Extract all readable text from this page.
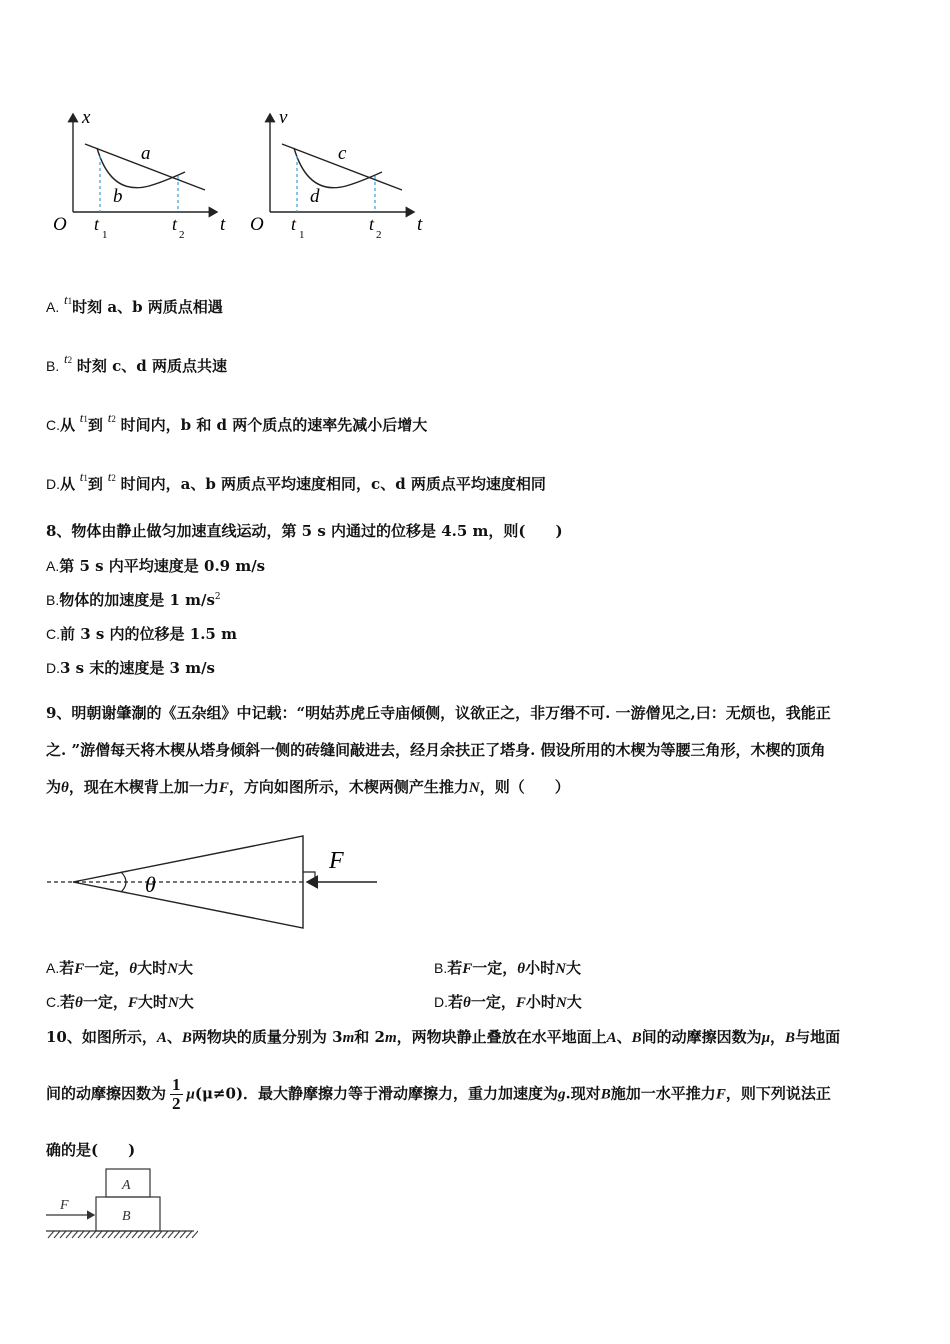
x
t
O
a
b
t
1
t
2
v
t
O
c
d
t
1
t
2
A. t1时刻 a、b 两质点相遇
B. t2 时刻 c、d 两质点共速
C.从 t1到 t2 时间内，b 和 d 两个质点的速率先减小后增大
D.从 t1到 t2 时间内，a、b 两质点平均速度相同，c、d 两质点平均速度相同
8、物体由静止做匀加速直线运动，第 5 s 内通过的位移是 4.5 m，则(　　)
A.第 5 s 内平均速度是 0.9 m/s
B.物体的加速度是 1 $m/s^2$
C.前 3 s 内的位移是 1.5 m
D.3 s 末的速度是 3 m/s
9、明朝谢肇淛的《五杂组》中记载：“明姑苏虎丘寺庙倾侧，议欲正之，非万缗不可. 一游僧见之,曰：无烦也，我能正
之. ”游僧每天将木楔从塔身倾斜一侧的砖缝间敲进去，经月余扶正了塔身. 假设所用的木楔为等腰三角形，木楔的顶角
为θ，现在木楔背上加一力F，方向如图所示，木楔两侧产生推力N，则（　　）
θ
F
A.若F一定，θ大时N大	B.若F一定，θ小时N大
C.若θ一定，F大时N大	D.若θ一定，F小时N大
10、如图所示，A、B两物块的质量分别为 3m和 2m，两物块静止叠放在水平地面上A、B间的动摩擦因数为μ，B与地面
间的动摩擦因数为 $\frac{1}{2} \mu(\mu\ne 0)$．最大静摩擦力等于滑动摩擦力，重力加速度为g.现对B施加一水平推力F，则下列说法正
确的是(　　)
A
B
F
